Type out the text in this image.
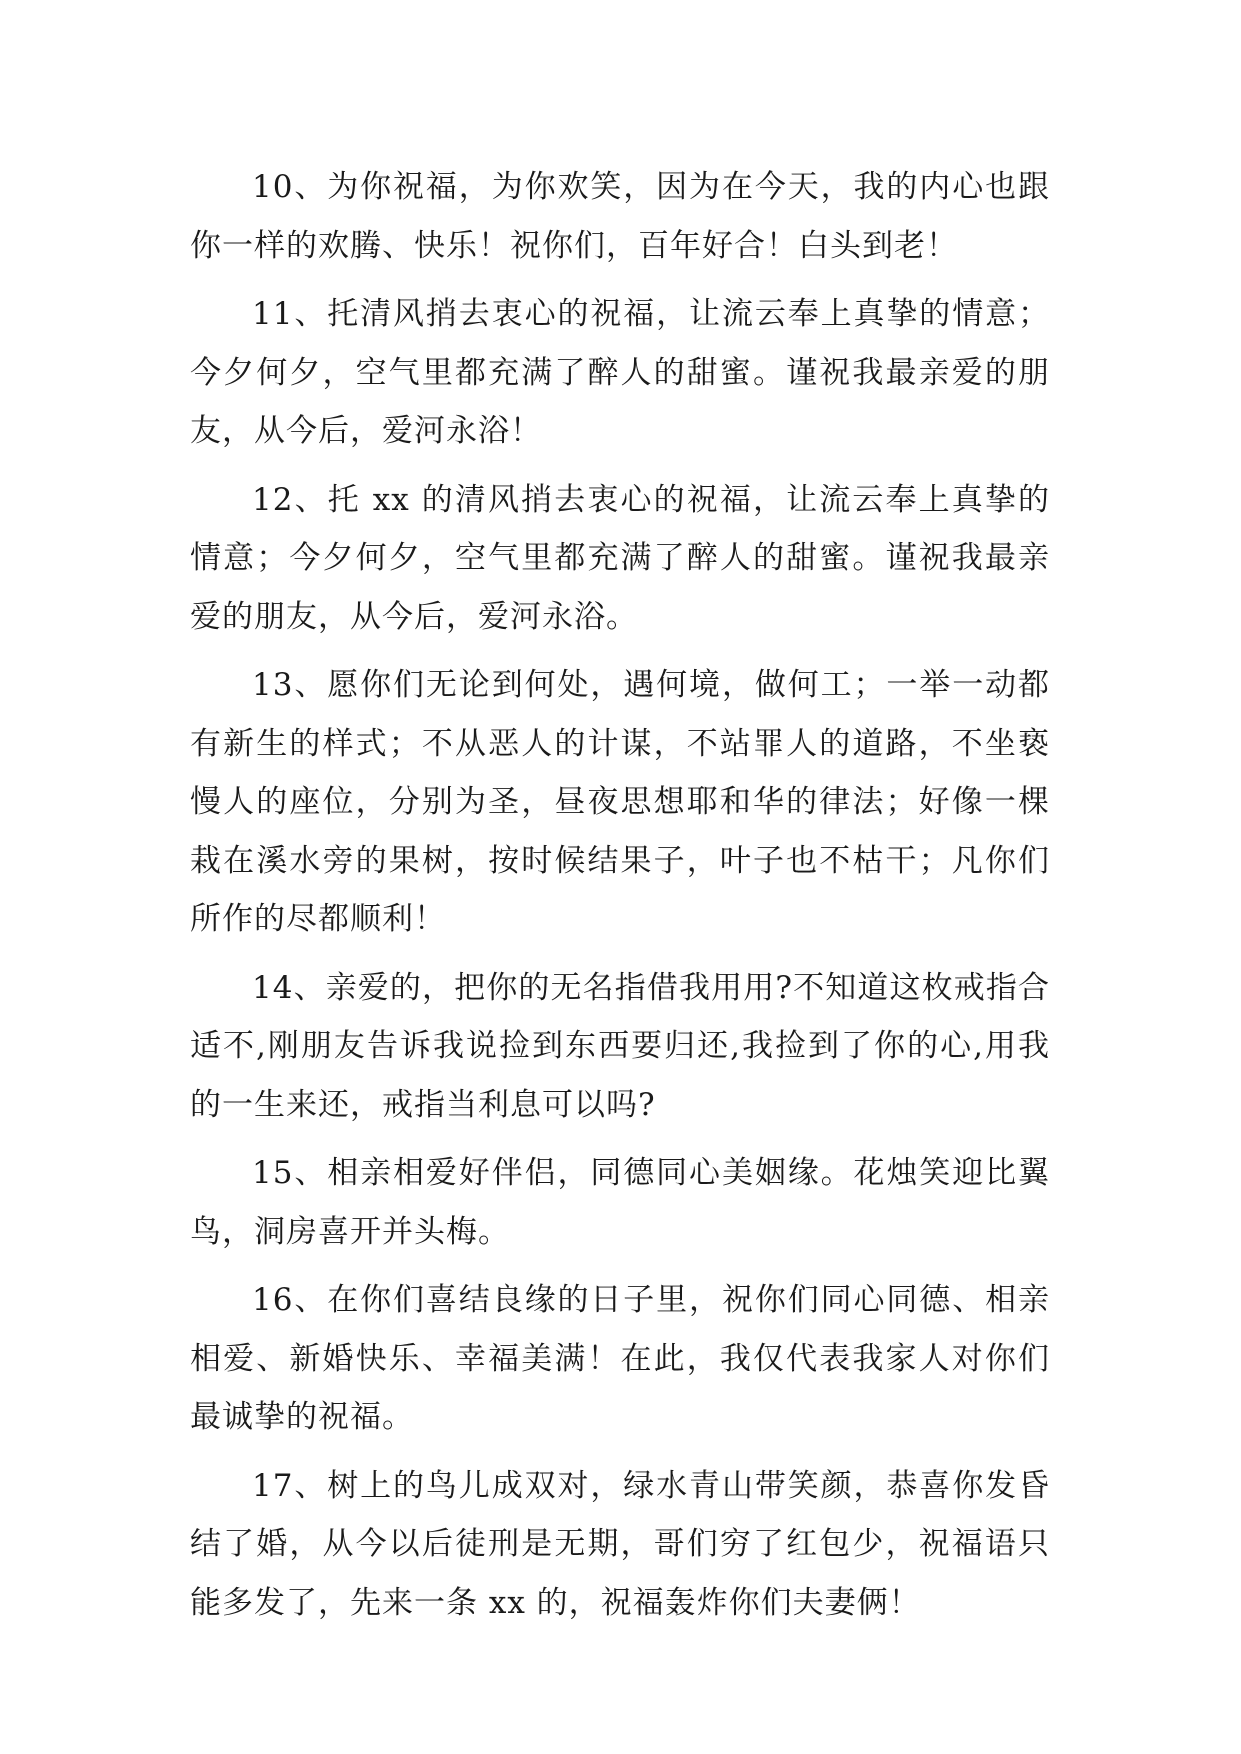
10、为你祝福，为你欢笑，因为在今天，我的内心也跟你一样的欢腾、快乐！祝你们，百年好合！白头到老！

11、托清风捎去衷心的祝福，让流云奉上真挚的情意；今夕何夕，空气里都充满了醉人的甜蜜。谨祝我最亲爱的朋友，从今后，爱河永浴！

12、托 xx 的清风捎去衷心的祝福，让流云奉上真挚的情意；今夕何夕，空气里都充满了醉人的甜蜜。谨祝我最亲爱的朋友，从今后，爱河永浴。

13、愿你们无论到何处，遇何境，做何工；一举一动都有新生的样式；不从恶人的计谋，不站罪人的道路，不坐亵慢人的座位，分别为圣，昼夜思想耶和华的律法；好像一棵栽在溪水旁的果树，按时候结果子，叶子也不枯干；凡你们所作的尽都顺利！

14、亲爱的，把你的无名指借我用用?不知道这枚戒指合适不,刚朋友告诉我说捡到东西要归还,我捡到了你的心,用我的一生来还，戒指当利息可以吗?

15、相亲相爱好伴侣，同德同心美姻缘。花烛笑迎比翼鸟，洞房喜开并头梅。

16、在你们喜结良缘的日子里，祝你们同心同德、相亲相爱、新婚快乐、幸福美满！在此，我仅代表我家人对你们最诚挚的祝福。

17、树上的鸟儿成双对，绿水青山带笑颜，恭喜你发昏结了婚，从今以后徒刑是无期，哥们穷了红包少，祝福语只能多发了，先来一条 xx 的，祝福轰炸你们夫妻俩！
